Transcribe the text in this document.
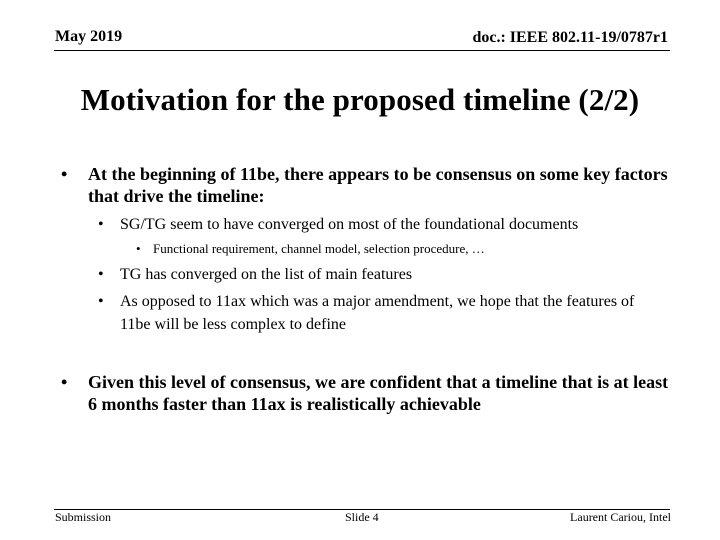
May 2019	doc.: IEEE 802.11-19/0787r1
Motivation for the proposed timeline (2/2)
• At the beginning of 11be, there appears to be consensus on some key factors that drive the timeline:
• SG/TG seem to have converged on most of the foundational documents
• Functional requirement, channel model, selection procedure, …
• TG has converged on the list of main features
• As opposed to 11ax which was a major amendment, we hope that the features of 11be will be less complex to define
• Given this level of consensus, we are confident that a timeline that is at least 6 months faster than 11ax is realistically achievable
Submission	Slide 4	Laurent Cariou, Intel
